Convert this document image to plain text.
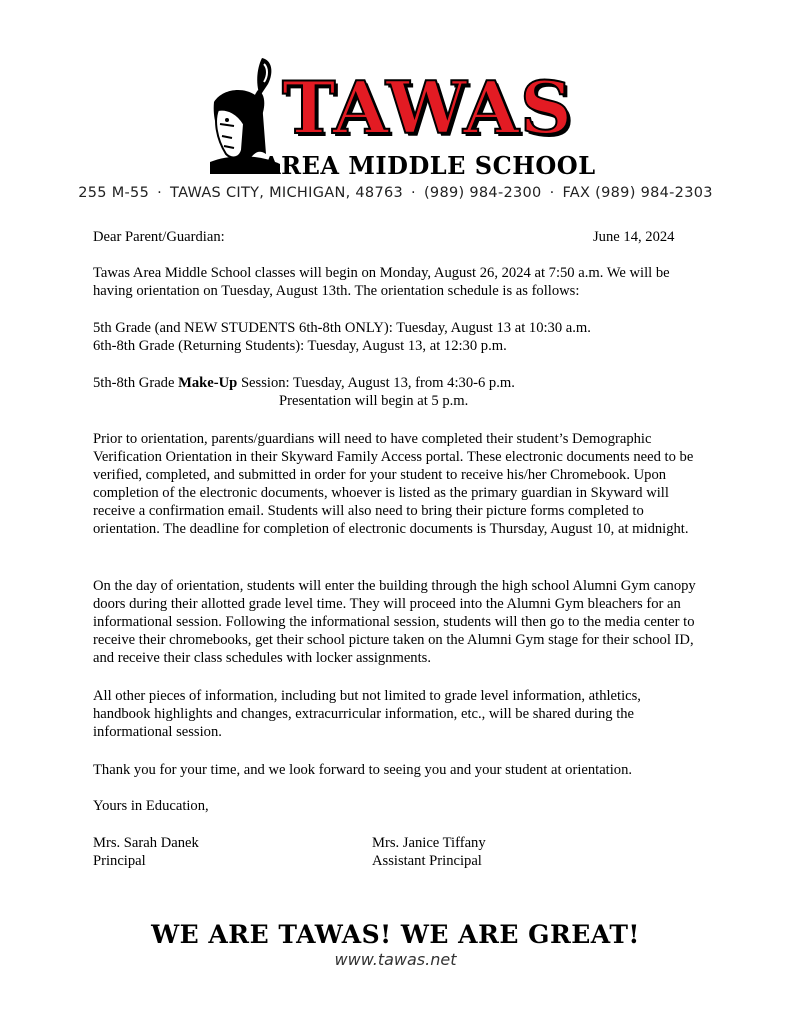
TAWAS
AREA MIDDLE SCHOOL
255 M-55 · TAWAS CITY, MICHIGAN, 48763 · (989) 984-2300 · FAX (989) 984-2303
Dear Parent/Guardian:	June 14, 2024
Tawas Area Middle School classes will begin on Monday, August 26, 2024 at 7:50 a.m. We will be having orientation on Tuesday, August 13th. The orientation schedule is as follows:
5th Grade (and NEW STUDENTS 6th-8th ONLY): Tuesday, August 13 at 10:30 a.m.
6th-8th Grade (Returning Students): Tuesday, August 13, at 12:30 p.m.
5th-8th Grade Make-Up Session: Tuesday, August 13, from 4:30-6 p.m.
Presentation will begin at 5 p.m.
Prior to orientation, parents/guardians will need to have completed their student’s Demographic Verification Orientation in their Skyward Family Access portal. These electronic documents need to be verified, completed, and submitted in order for your student to receive his/her Chromebook. Upon completion of the electronic documents, whoever is listed as the primary guardian in Skyward will receive a confirmation email. Students will also need to bring their picture forms completed to orientation. The deadline for completion of electronic documents is Thursday, August 10, at midnight.
On the day of orientation, students will enter the building through the high school Alumni Gym canopy doors during their allotted grade level time. They will proceed into the Alumni Gym bleachers for an informational session. Following the informational session, students will then go to the media center to receive their chromebooks, get their school picture taken on the Alumni Gym stage for their school ID, and receive their class schedules with locker assignments.
All other pieces of information, including but not limited to grade level information, athletics, handbook highlights and changes, extracurricular information, etc., will be shared during the informational session.
Thank you for your time, and we look forward to seeing you and your student at orientation.
Yours in Education,
Mrs. Sarah Danek
Principal
Mrs. Janice Tiffany
Assistant Principal
WE ARE TAWAS! WE ARE GREAT!
www.tawas.net
